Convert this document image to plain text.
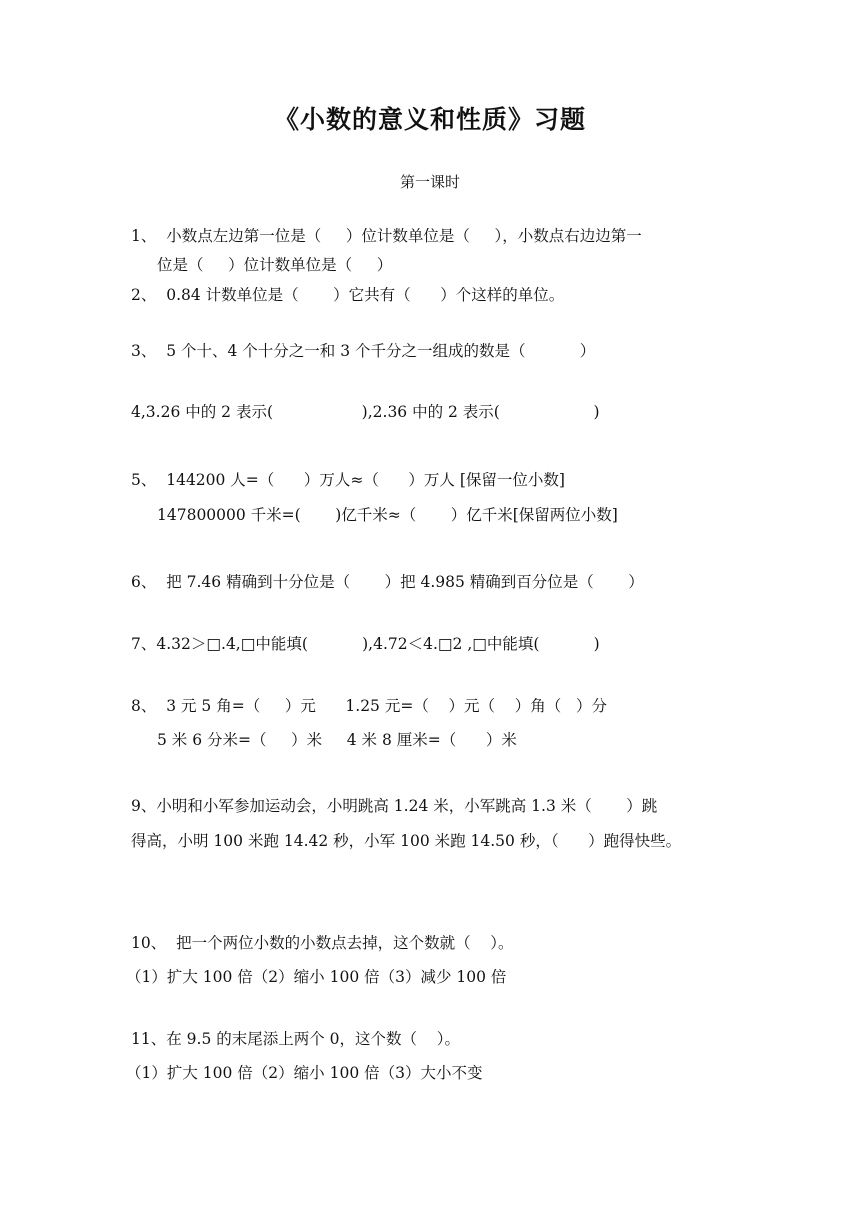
《小数的意义和性质》习题
第一课时
1、  小数点左边第一位是（     ）位计数单位是（     ），小数点右边边第一
位是（     ）位计数单位是（     ）
2、  0.84 计数单位是（       ）它共有（      ）个这样的单位。
3、  5 个十、4 个十分之一和 3 个千分之一组成的数是（           ）
4,3.26 中的 2 表示(                  ),2.36 中的 2 表示(                   )
5、  144200 人=（      ）万人≈（      ）万人 [保留一位小数]
147800000 千米=(       )亿千米≈（       ）亿千米[保留两位小数]
6、  把 7.46 精确到十分位是（       ）把 4.985 精确到百分位是（       ）
7、4.32＞□.4,□中能填(           ),4.72＜4.□2 ,□中能填(           )
8、  3 元 5 角=（     ）元      1.25 元=（    ）元（    ）角（   ）分
5 米 6 分米=（     ）米     4 米 8 厘米=（      ）米
9、小明和小军参加运动会，小明跳高 1.24 米，小军跳高 1.3 米（       ）跳
得高，小明 100 米跑 14.42 秒，小军 100 米跑 14.50 秒，（      ）跑得快些。
10、  把一个两位小数的小数点去掉，这个数就（    ）。
（1）扩大 100 倍（2）缩小 100 倍（3）减少 100 倍
11、在 9.5 的末尾添上两个 0，这个数（    ）。
（1）扩大 100 倍（2）缩小 100 倍（3）大小不变
